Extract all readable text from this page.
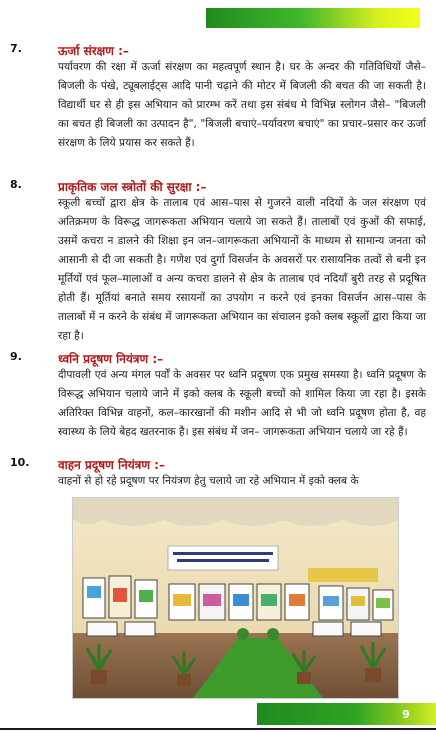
7.	ऊर्जा संरक्षण :–
पर्यावरण की रक्षा में ऊर्जा संरक्षण का महत्वपूर्ण स्थान है। घर के अन्दर की गतिविधियों जैसे– बिजली के पंखे, ट्यूबलाईट्स आदि पानी चढ़ाने की मोटर में बिजली की बचत की जा सकती है। विद्यार्थी घर से ही इस अभियान को प्रारम्भ करें तथा इस संबंध मे विभिन्न स्लोगन जैसे– "बिजली का बचत ही बिजली का उत्पादन है", "बिजली बचाएं–पर्यावरण बचाएं" का प्रचार–प्रसार कर ऊर्जा संरक्षण के लिये प्रयास कर सकते हैं।
8.	प्राकृतिक जल स्त्रोतों की सुरक्षा :–
स्कूली बच्चों द्वारा क्षेत्र के तालाब एवं आस–पास से गुजरने वाली नदियों के जल संरक्षण एवं अतिक्रमण के विरूद्ध जागरूकता अभियान चलाये जा सकते हैं। तालाबों एवं कुओं की सफाई, उसमें कचरा न डालने की शिक्षा इन जन–जागरूकता अभियानों के माध्यम से सामान्य जनता को आसानी से दी जा सकती है। गणेश एवं दुर्गा विसर्जन के अवसरों पर रासायनिक तत्वों से बनी इन मूर्तियों एवं फूल–मालाओं व अन्य कचरा डालने से क्षेत्र के तालाब एवं नदियाँ बुरी तरह से प्रदूषित होती हैं। मूर्तियां बनाते समय रसायनों का उपयोग न करने एवं इनका विसर्जन आस–पास के तालाबों में न करने के संबंध में जागरूकता अभियान का संचालन इको क्लब स्कूलों द्वारा किया जा रहा है।
9.	ध्वनि प्रदूषण नियंत्रण :–
दीपावली एवं अन्य मंगल पर्वों के अवसर पर ध्वनि प्रदूषण एक प्रमुख समस्या है। ध्वनि प्रदूषण के विरूद्ध अभियान चलाये जाने में इको क्लब के स्कूली बच्चों को शामिल किया जा रहा है। इसके अतिरिक्त विभिन्न वाहनों, कल–कारखानों की मशीन आदि से भी जो ध्वनि प्रदूषण होता है, वह स्वास्थ्य के लिये बेहद खतरनाक है। इस संबंध में जन– जागरूकता अभियान चलाये जा रहे हैं।
10. वाहन प्रदूषण नियंत्रण :–
वाहनों से हो रहे प्रदूषण पर नियंत्रण हेतु चलाये जा रहे अभियान में इको क्लब के
9
